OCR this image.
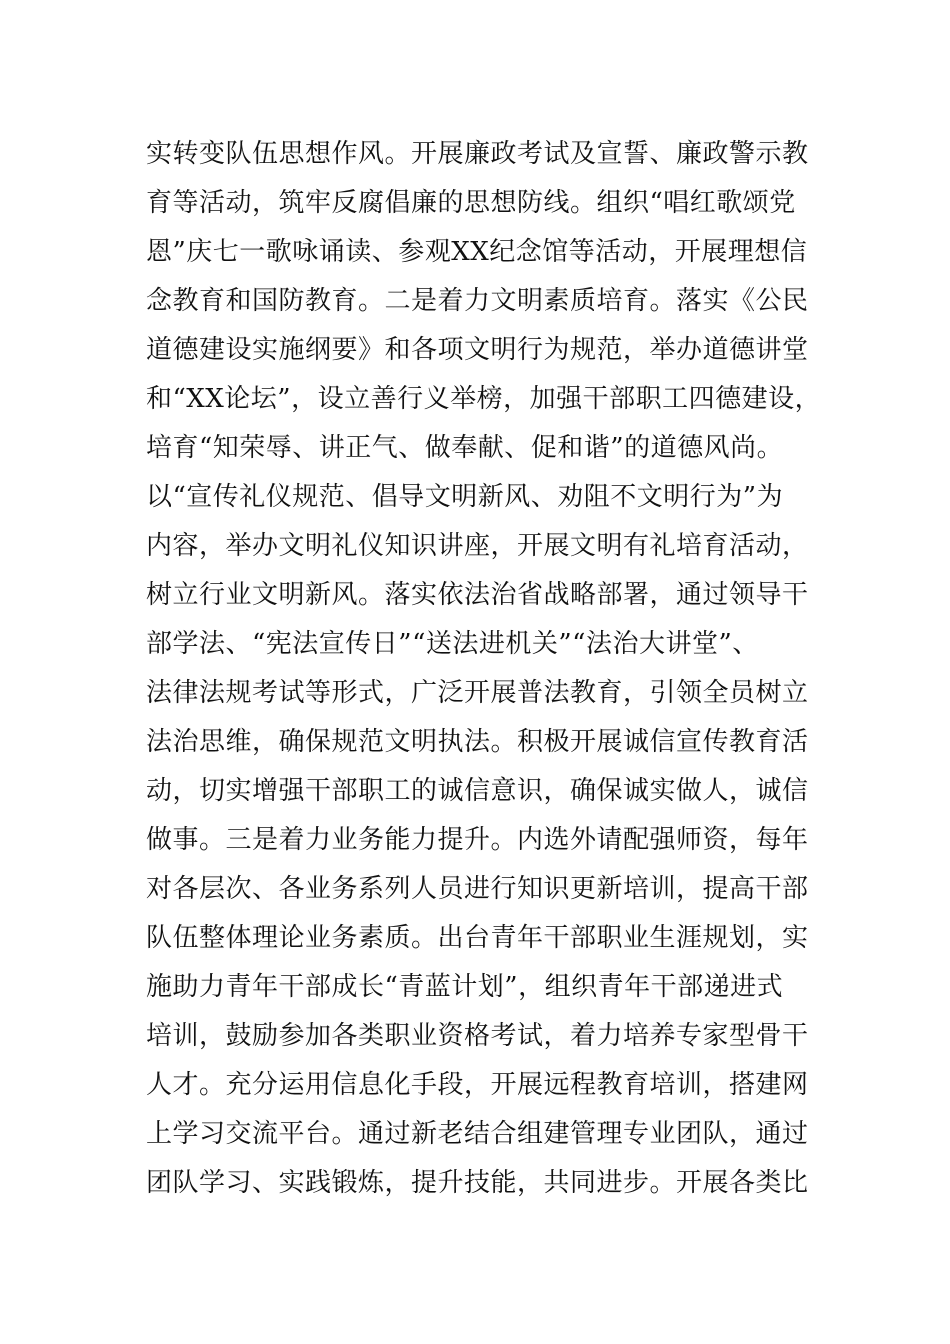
实转变队伍思想作风。开展廉政考试及宣誓、廉政警示教
育等活动，筑牢反腐倡廉的思想防线。组织“唱红歌颂党
恩”庆七一歌咏诵读、参观XX纪念馆等活动，开展理想信
念教育和国防教育。二是着力文明素质培育。落实《公民
道德建设实施纲要》和各项文明行为规范，举办道德讲堂
和“XX论坛”，设立善行义举榜，加强干部职工四德建设，
培育“知荣辱、讲正气、做奉献、促和谐”的道德风尚。
以“宣传礼仪规范、倡导文明新风、劝阻不文明行为”为
内容，举办文明礼仪知识讲座，开展文明有礼培育活动，
树立行业文明新风。落实依法治省战略部署，通过领导干
部学法、“宪法宣传日”“送法进机关”“法治大讲堂”、
法律法规考试等形式，广泛开展普法教育，引领全员树立
法治思维，确保规范文明执法。积极开展诚信宣传教育活
动，切实增强干部职工的诚信意识，确保诚实做人，诚信
做事。三是着力业务能力提升。内选外请配强师资，每年
对各层次、各业务系列人员进行知识更新培训，提高干部
队伍整体理论业务素质。出台青年干部职业生涯规划，实
施助力青年干部成长“青蓝计划”，组织青年干部递进式
培训，鼓励参加各类职业资格考试，着力培养专家型骨干
人才。充分运用信息化手段，开展远程教育培训，搭建网
上学习交流平台。通过新老结合组建管理专业团队，通过
团队学习、实践锻炼，提升技能，共同进步。开展各类比
